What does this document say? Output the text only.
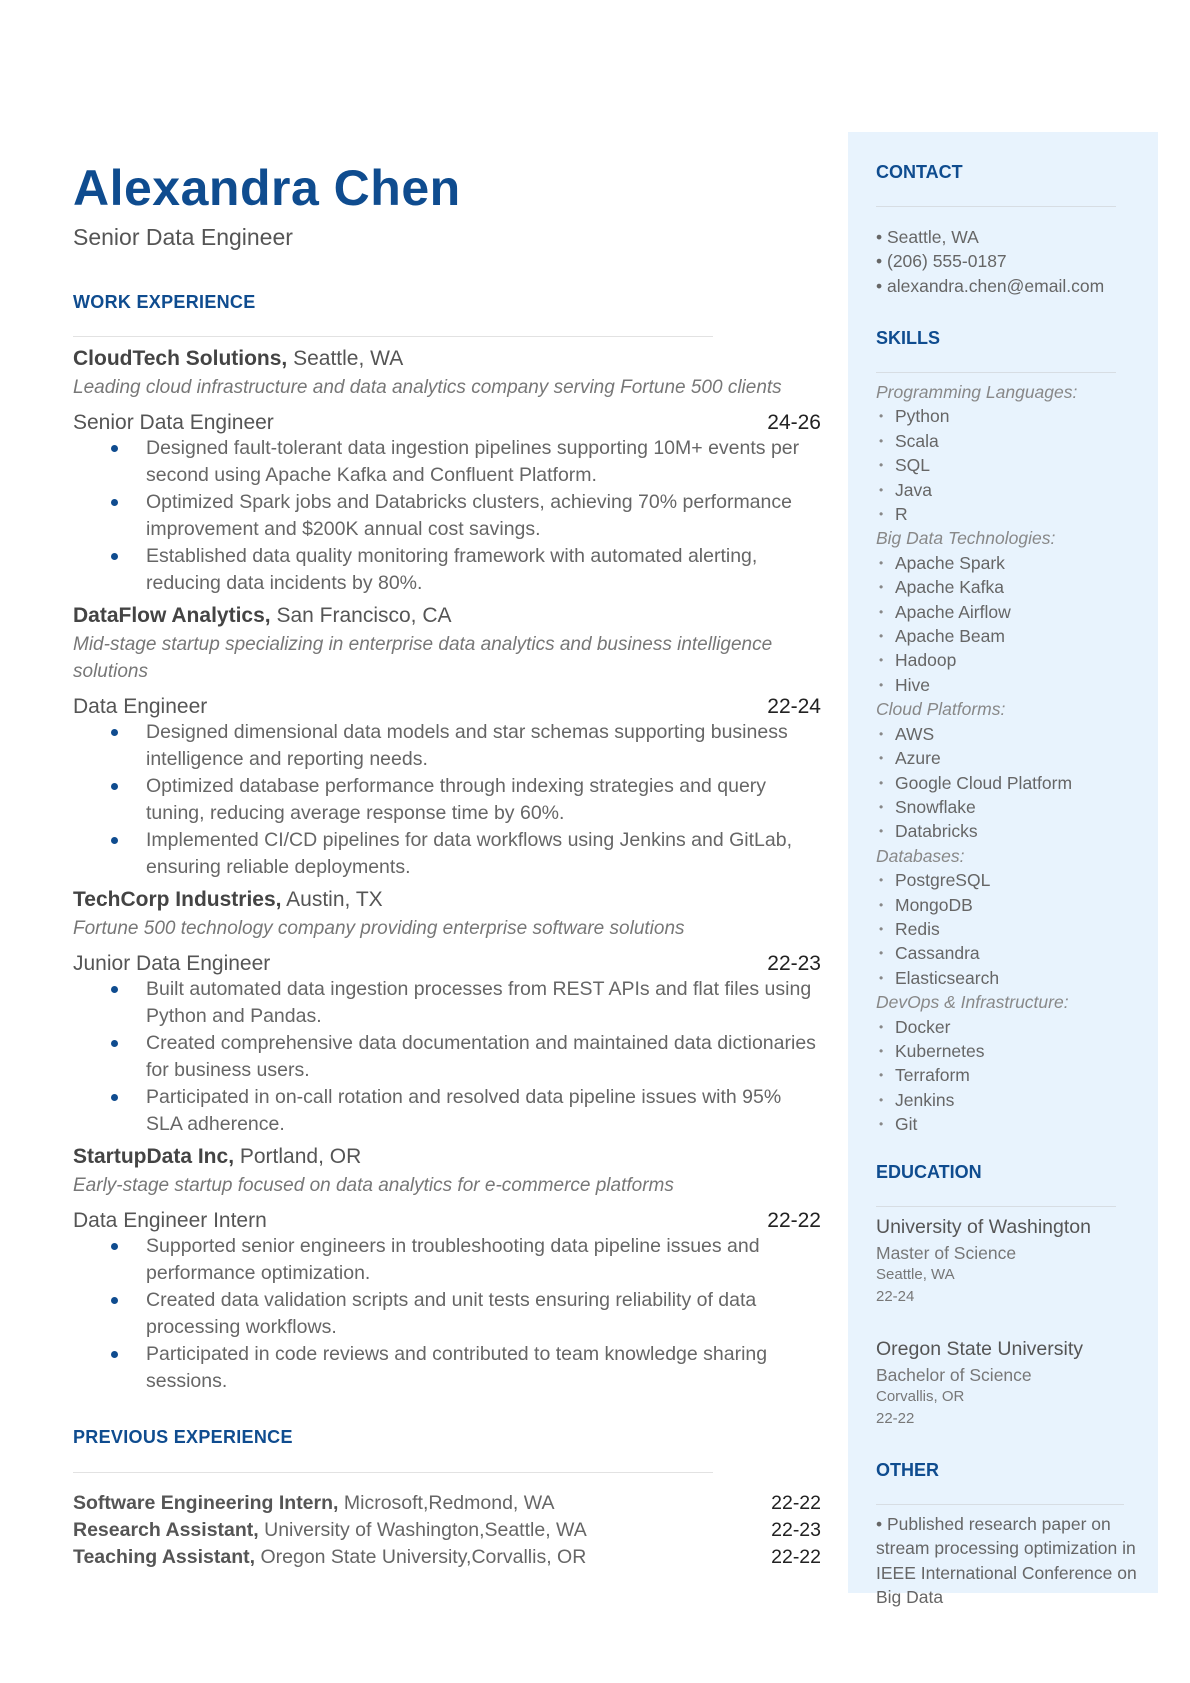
Alexandra Chen
Senior Data Engineer
WORK EXPERIENCE
CloudTech Solutions, Seattle, WA
Leading cloud infrastructure and data analytics company serving Fortune 500 clients
Senior Data Engineer	24-26
Designed fault-tolerant data ingestion pipelines supporting 10M+ events per second using Apache Kafka and Confluent Platform.
Optimized Spark jobs and Databricks clusters, achieving 70% performance improvement and $200K annual cost savings.
Established data quality monitoring framework with automated alerting, reducing data incidents by 80%.
DataFlow Analytics, San Francisco, CA
Mid-stage startup specializing in enterprise data analytics and business intelligence solutions
Data Engineer	22-24
Designed dimensional data models and star schemas supporting business intelligence and reporting needs.
Optimized database performance through indexing strategies and query tuning, reducing average response time by 60%.
Implemented CI/CD pipelines for data workflows using Jenkins and GitLab, ensuring reliable deployments.
TechCorp Industries, Austin, TX
Fortune 500 technology company providing enterprise software solutions
Junior Data Engineer	22-23
Built automated data ingestion processes from REST APIs and flat files using Python and Pandas.
Created comprehensive data documentation and maintained data dictionaries for business users.
Participated in on-call rotation and resolved data pipeline issues with 95% SLA adherence.
StartupData Inc, Portland, OR
Early-stage startup focused on data analytics for e-commerce platforms
Data Engineer Intern	22-22
Supported senior engineers in troubleshooting data pipeline issues and performance optimization.
Created data validation scripts and unit tests ensuring reliability of data processing workflows.
Participated in code reviews and contributed to team knowledge sharing sessions.
PREVIOUS EXPERIENCE
Software Engineering Intern, Microsoft,Redmond, WA	22-22
Research Assistant, University of Washington,Seattle, WA	22-23
Teaching Assistant, Oregon State University,Corvallis, OR	22-22
CONTACT
• Seattle, WA
• (206) 555-0187
• alexandra.chen@email.com
SKILLS
Programming Languages:
• Python
• Scala
• SQL
• Java
• R
Big Data Technologies:
• Apache Spark
• Apache Kafka
• Apache Airflow
• Apache Beam
• Hadoop
• Hive
Cloud Platforms:
• AWS
• Azure
• Google Cloud Platform
• Snowflake
• Databricks
Databases:
• PostgreSQL
• MongoDB
• Redis
• Cassandra
• Elasticsearch
DevOps & Infrastructure:
• Docker
• Kubernetes
• Terraform
• Jenkins
• Git
EDUCATION
University of Washington
Master of Science
Seattle, WA
22-24
Oregon State University
Bachelor of Science
Corvallis, OR
22-22
OTHER
• Published research paper on stream processing optimization in IEEE International Conference on Big Data
